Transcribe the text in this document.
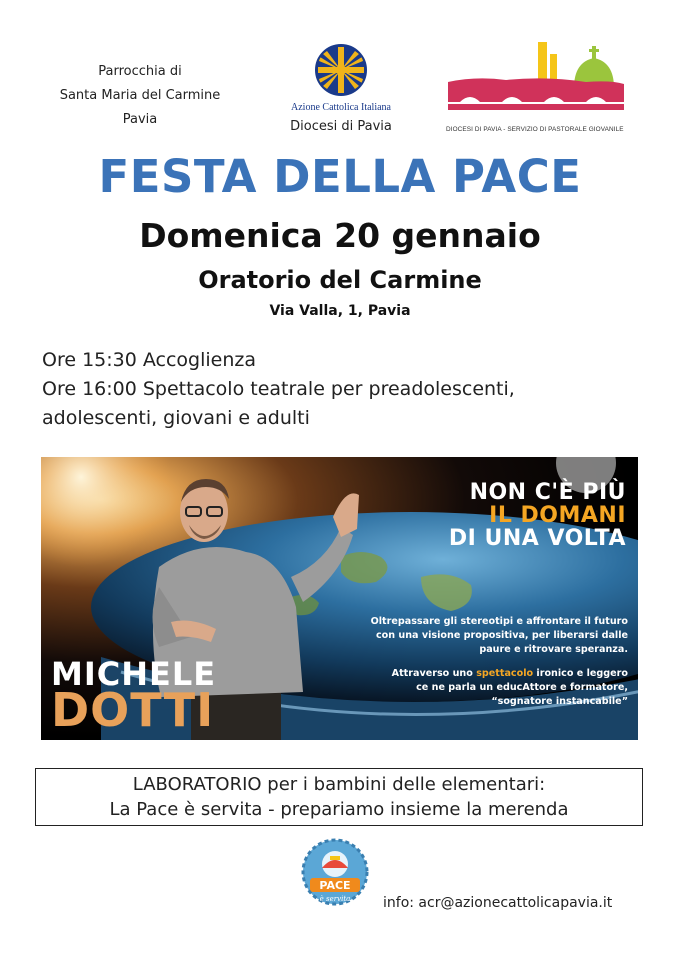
Parrocchia di
Santa Maria del Carmine
Pavia
Azione Cattolica Italiana
Diocesi di Pavia	DIOCESI DI PAVIA - SERVIZIO DI PASTORALE GIOVANILE
FESTA DELLA PACE
Domenica 20 gennaio
Oratorio del Carmine
Via Valla, 1, Pavia
Ore 15:30 Accoglienza
Ore 16:00 Spettacolo teatrale per preadolescenti,
adolescenti, giovani e adulti
NON C'È PIÙ
IL DOMANI
DI UNA VOLTA
Oltrepassare gli stereotipi e affrontare il futuro
con una visione propositiva, per liberarsi dalle
paure e ritrovare speranza.
Attraverso uno spettacolo ironico e leggero
ce ne parla un educAttore e formatore,
“sognatore instancabile”
MICHELE
DOTTI
LABORATORIO per i bambini delle elementari:
La Pace è servita - prepariamo insieme la merenda
PACE
è servita info: acr@azionecattolicapavia.it
